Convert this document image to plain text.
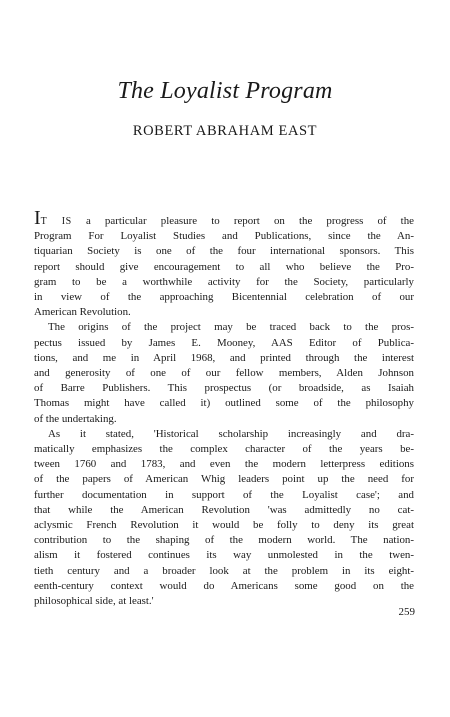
The Loyalist Program
ROBERT ABRAHAM EAST
IT IS a particular pleasure to report on the progress of the
Program For Loyalist Studies and Publications, since the An-
tiquarian Society is one of the four international sponsors. This
report should give encouragement to all who believe the Pro-
gram to be a worthwhile activity for the Society, particularly
in view of the approaching Bicentennial celebration of our
American Revolution.
The origins of the project may be traced back to the pros-
pectus issued by James E. Mooney, AAS Editor of Publica-
tions, and me in April 1968, and printed through the interest
and generosity of one of our fellow members, Alden Johnson
of Barre Publishers. This prospectus (or broadside, as Isaiah
Thomas might have called it) outlined some of the philosophy
of the undertaking.
As it stated, 'Historical scholarship increasingly and dra-
matically emphasizes the complex character of the years be-
tween 1760 and 1783, and even the modern letterpress editions
of the papers of American Whig leaders point up the need for
further documentation in support of the Loyalist case'; and
that while the American Revolution 'was admittedly no cat-
aclysmic French Revolution it would be folly to deny its great
contribution to the shaping of the modern world. The nation-
alism it fostered continues its way unmolested in the twen-
tieth century and a broader look at the problem in its eight-
eenth-century context would do Americans some good on the
philosophical side, at least.'
259
